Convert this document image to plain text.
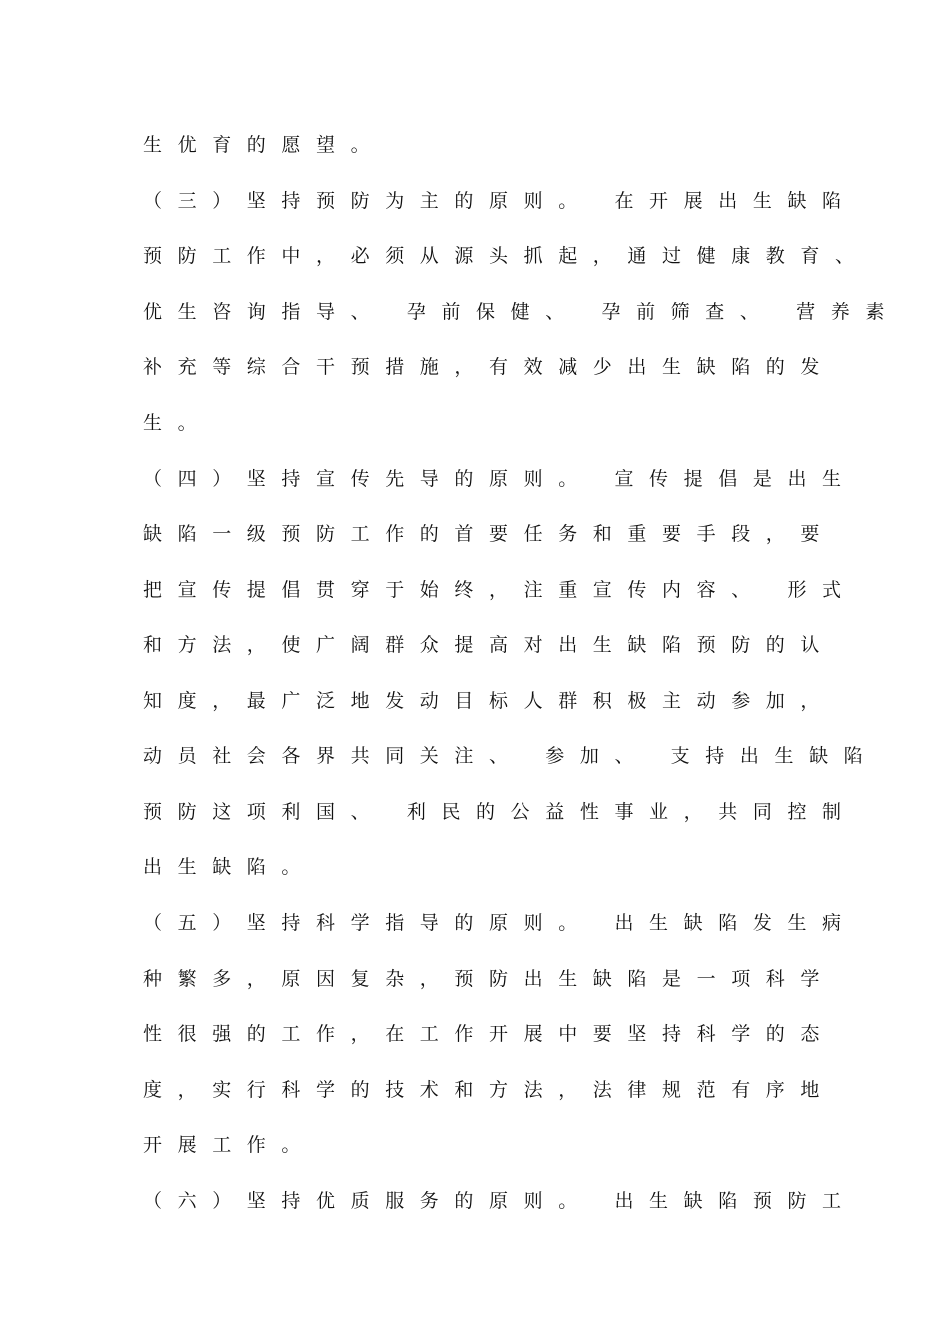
生优育的愿望。
（三）坚持预防为主的原则。 在开展出生缺陷
预防工作中，必须从源头抓起，通过健康教育、
优生咨询指导、 孕前保健、 孕前筛查、 营养素
补充等综合干预措施，有效减少出生缺陷的发
生。
（四）坚持宣传先导的原则。 宣传提倡是出生
缺陷一级预防工作的首要任务和重要手段，要
把宣传提倡贯穿于始终，注重宣传内容、 形式
和方法，使广阔群众提高对出生缺陷预防的认
知度，最广泛地发动目标人群积极主动参加，
动员社会各界共同关注、 参加、 支持出生缺陷
预防这项利国、 利民的公益性事业，共同控制
出生缺陷。
（五）坚持科学指导的原则。 出生缺陷发生病
种繁多，原因复杂，预防出生缺陷是一项科学
性很强的工作，在工作开展中要坚持科学的态
度，实行科学的技术和方法，法律规范有序地
开展工作。
（六）坚持优质服务的原则。 出生缺陷预防工
